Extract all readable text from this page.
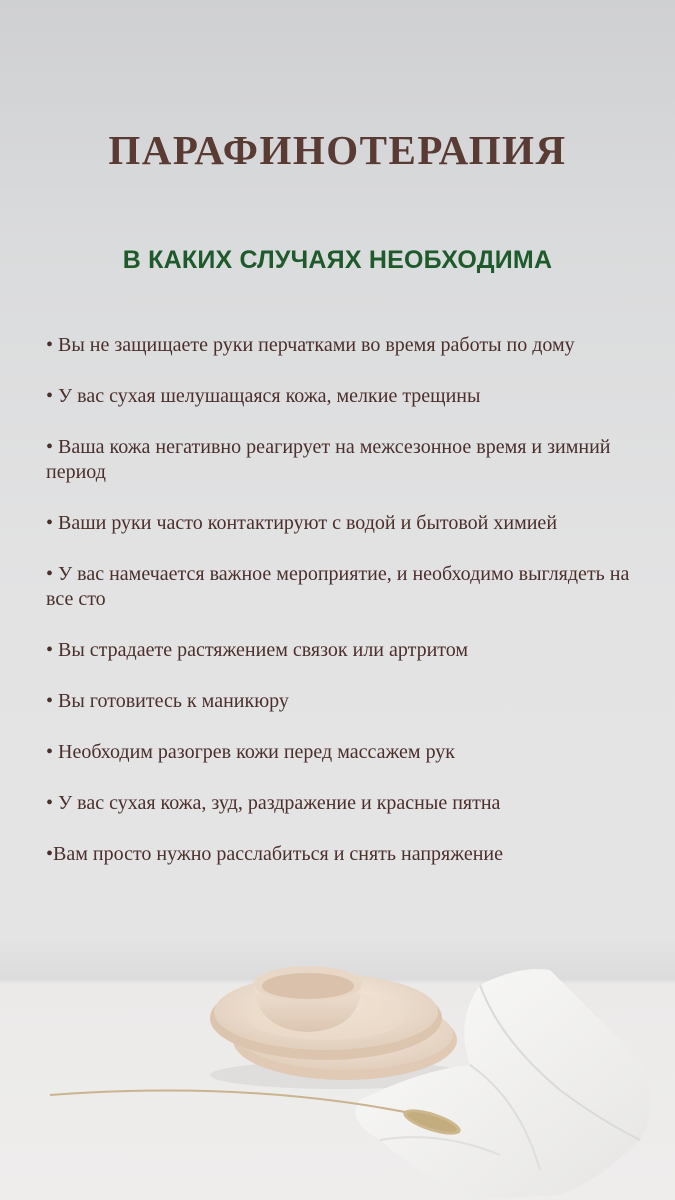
ПАРАФИНОТЕРАПИЯ
В КАКИХ СЛУЧАЯХ НЕОБХОДИМА
• Вы не защищаете руки перчатками во время работы по дому
• У вас сухая шелушащаяся кожа, мелкие трещины
• Ваша кожа негативно реагирует на межсезонное время и зимний период
• Ваши руки часто контактируют с водой и бытовой химией
• У вас намечается важное мероприятие, и необходимо выглядеть на все сто
• Вы страдаете растяжением связок или артритом
• Вы готовитесь к маникюру
• Необходим разогрев кожи перед массажем рук
• У вас сухая кожа, зуд, раздражение и красные пятна
•Вам просто нужно расслабиться и снять напряжение
